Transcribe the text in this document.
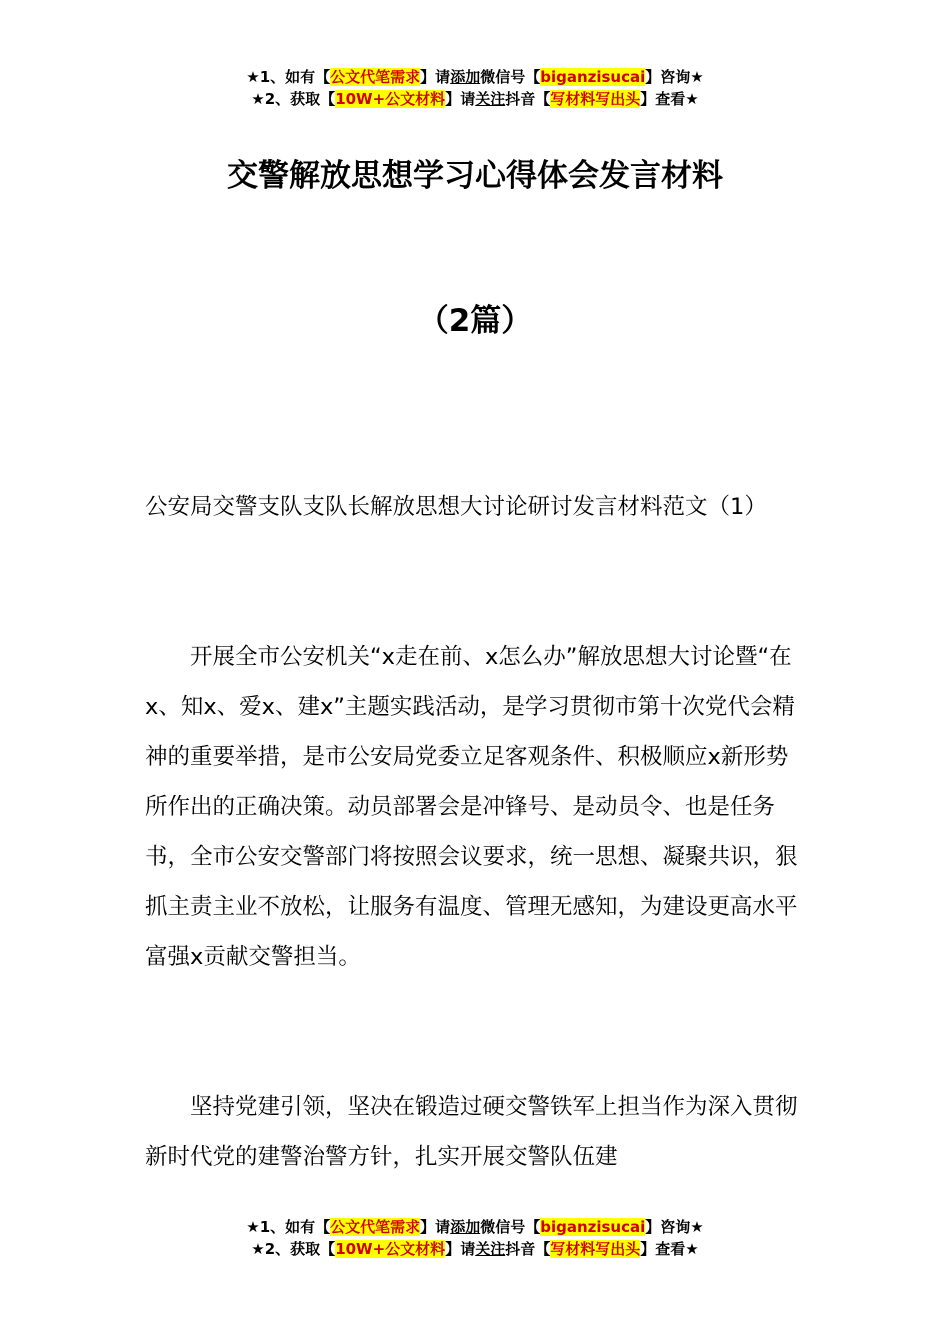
★1、如有【公文代笔需求】请添加微信号【biganzisucai】咨询★
★2、获取【10W+公文材料】请关注抖音【写材料写出头】查看★
交警解放思想学习心得体会发言材料
（2篇）

公安局交警支队支队长解放思想大讨论研讨发言材料范文（1）

开展全市公安机关“x走在前、x怎么办”解放思想大讨论暨“在x、知x、爱x、建x”主题实践活动，是学习贯彻市第十次党代会精神的重要举措，是市公安局党委立足客观条件、积极顺应x新形势所作出的正确决策。动员部署会是冲锋号、是动员令、也是任务书，全市公安交警部门将按照会议要求，统一思想、凝聚共识，狠抓主责主业不放松，让服务有温度、管理无感知，为建设更高水平富强x贡献交警担当。

坚持党建引领，坚决在锻造过硬交警铁军上担当作为深入贯彻新时代党的建警治警方针，扎实开展交警队伍建

★1、如有【公文代笔需求】请添加微信号【biganzisucai】咨询★
★2、获取【10W+公文材料】请关注抖音【写材料写出头】查看★
